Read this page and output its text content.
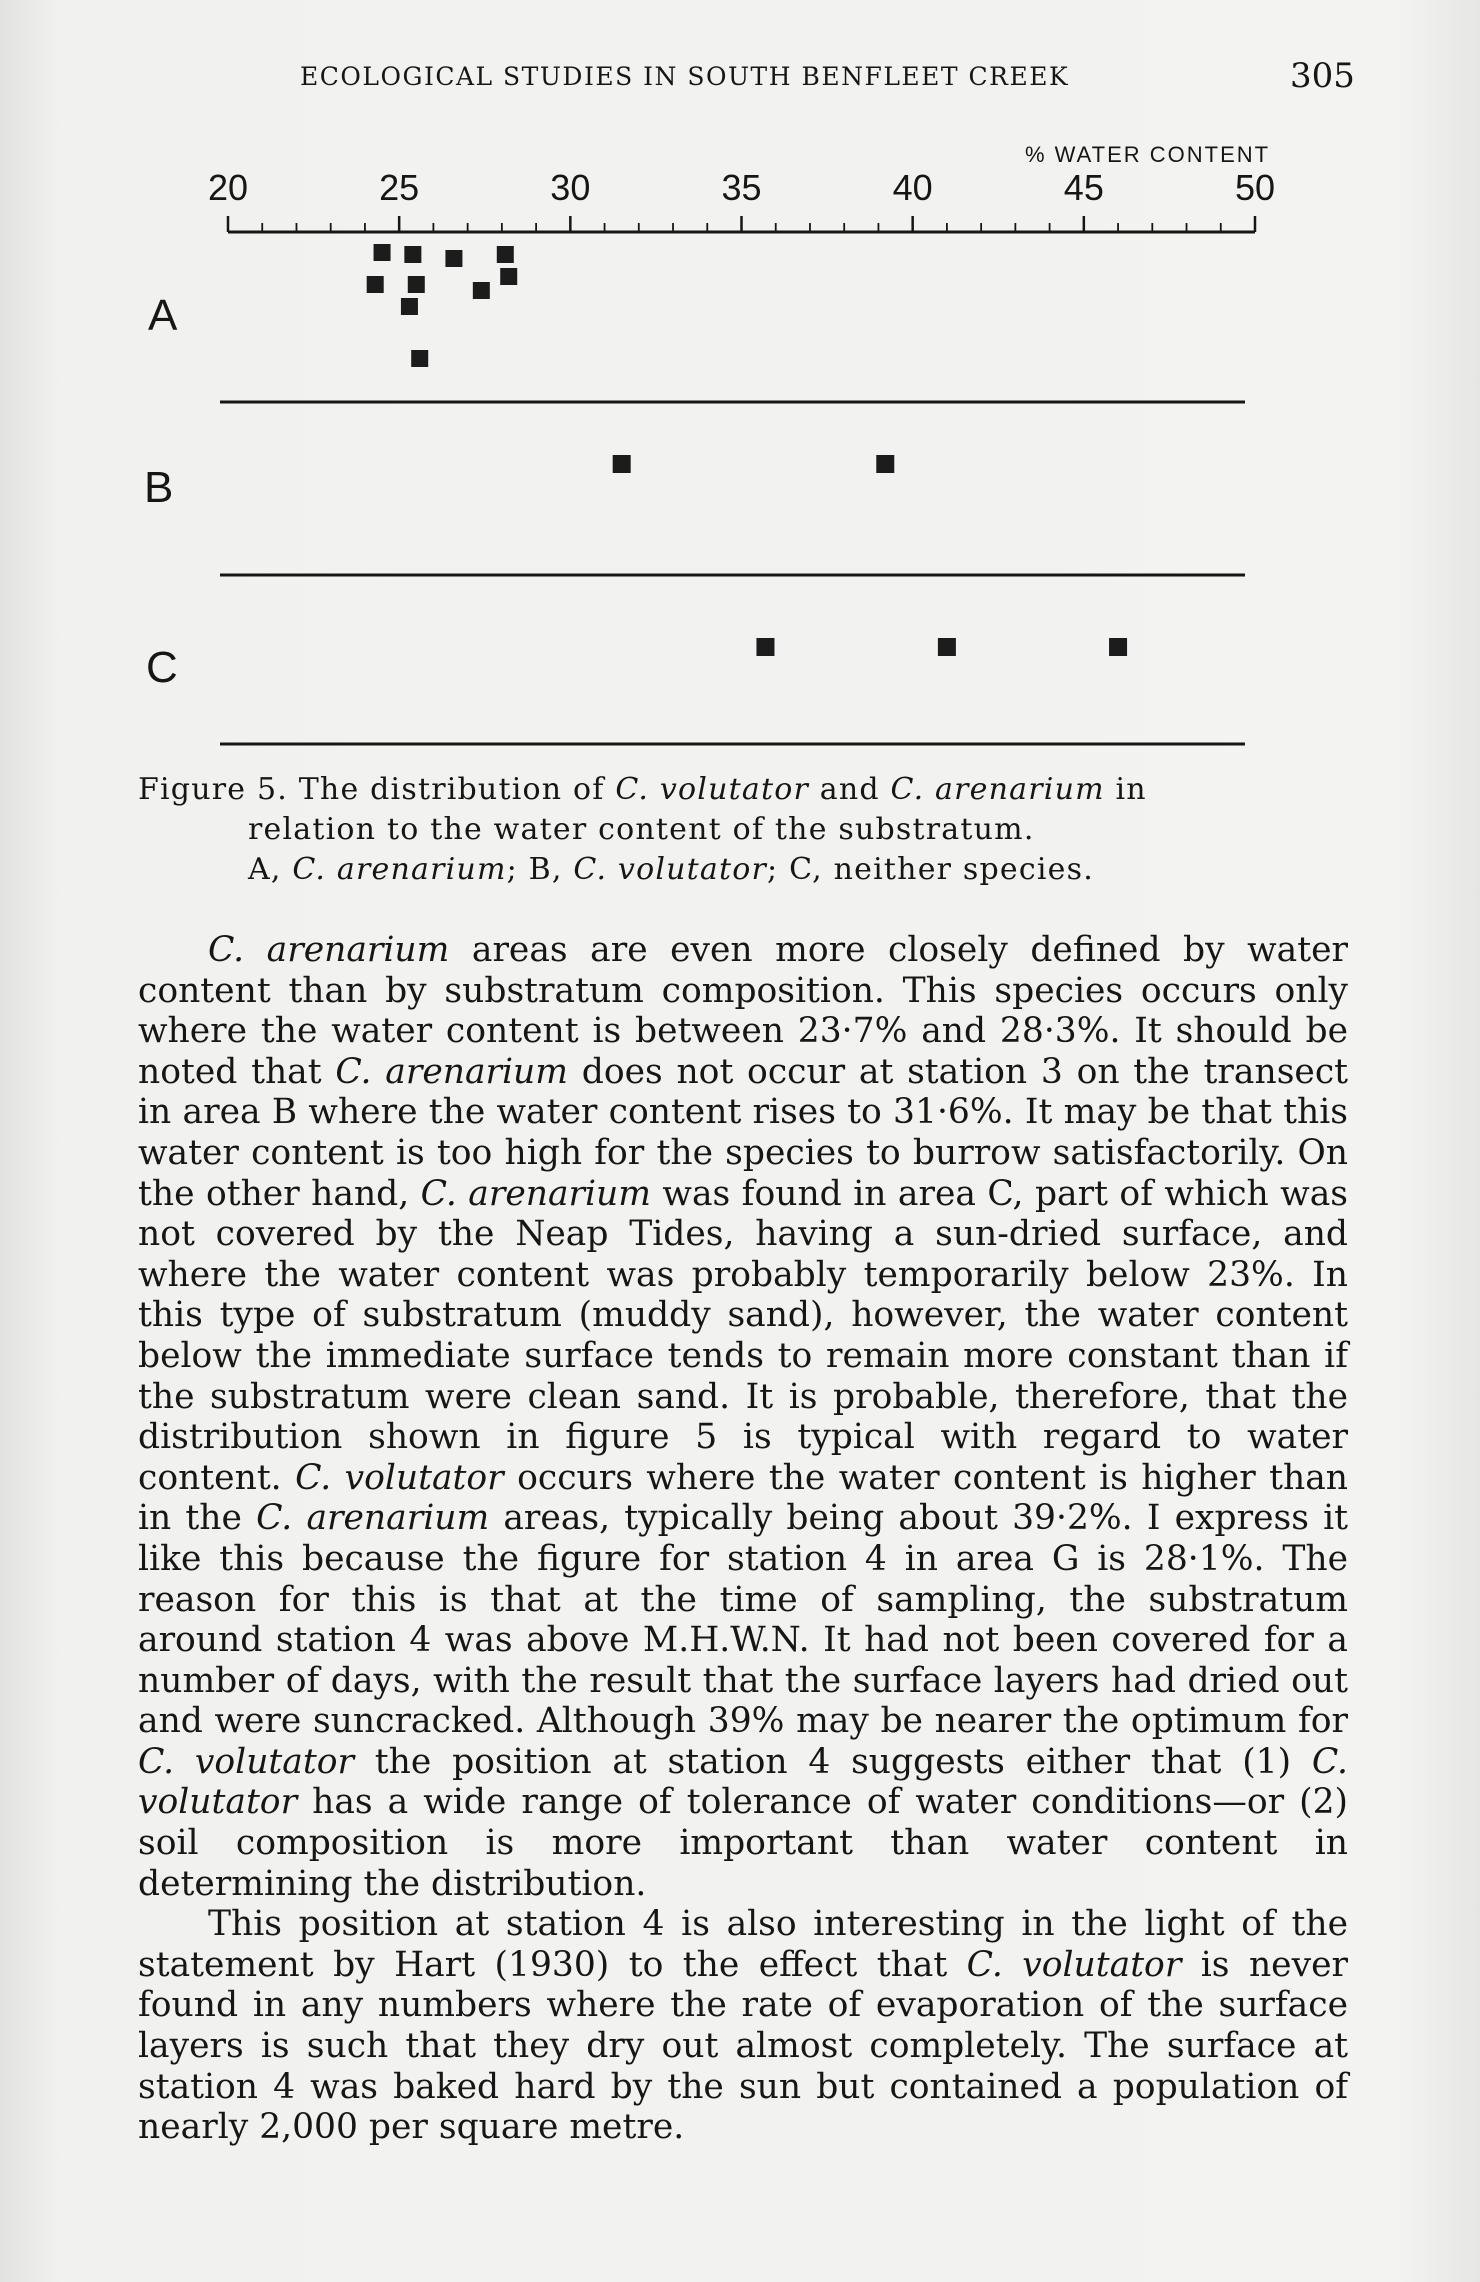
ECOLOGICAL STUDIES IN SOUTH BENFLEET CREEK	305
% WATER CONTENT
20	25	30	35	40	45	50
A
B
C
Figure 5. The distribution of C. volutator and C. arenarium in
relation to the water content of the substratum.
A, C. arenarium; B, C. volutator; C, neither species.

C. arenarium areas are even more closely defined by water content than by substratum composition. This species occurs only where the water content is between 23·7% and 28·3%. It should be noted that C. arenarium does not occur at station 3 on the transect in area B where the water content rises to 31·6%. It may be that this water content is too high for the species to burrow satisfactorily. On the other hand, C. arenarium was found in area C, part of which was not covered by the Neap Tides, having a sun-dried surface, and where the water content was probably temporarily below 23%. In this type of substratum (muddy sand), however, the water content below the immediate surface tends to remain more constant than if the substratum were clean sand. It is probable, therefore, that the distribution shown in figure 5 is typical with regard to water content. C. volutator occurs where the water content is higher than in the C. arenarium areas, typically being about 39·2%. I express it like this because the figure for station 4 in area G is 28·1%. The reason for this is that at the time of sampling, the substratum around station 4 was above M.H.W.N. It had not been covered for a number of days, with the result that the surface layers had dried out and were suncracked. Although 39% may be nearer the optimum for C. volutator the position at station 4 suggests either that (1) C. volutator has a wide range of tolerance of water conditions—or (2) soil composition is more important than water content in determining the distribution.

This position at station 4 is also interesting in the light of the statement by Hart (1930) to the effect that C. volutator is never found in any numbers where the rate of evaporation of the surface layers is such that they dry out almost completely. The surface at station 4 was baked hard by the sun but contained a population of nearly 2,000 per square metre.
